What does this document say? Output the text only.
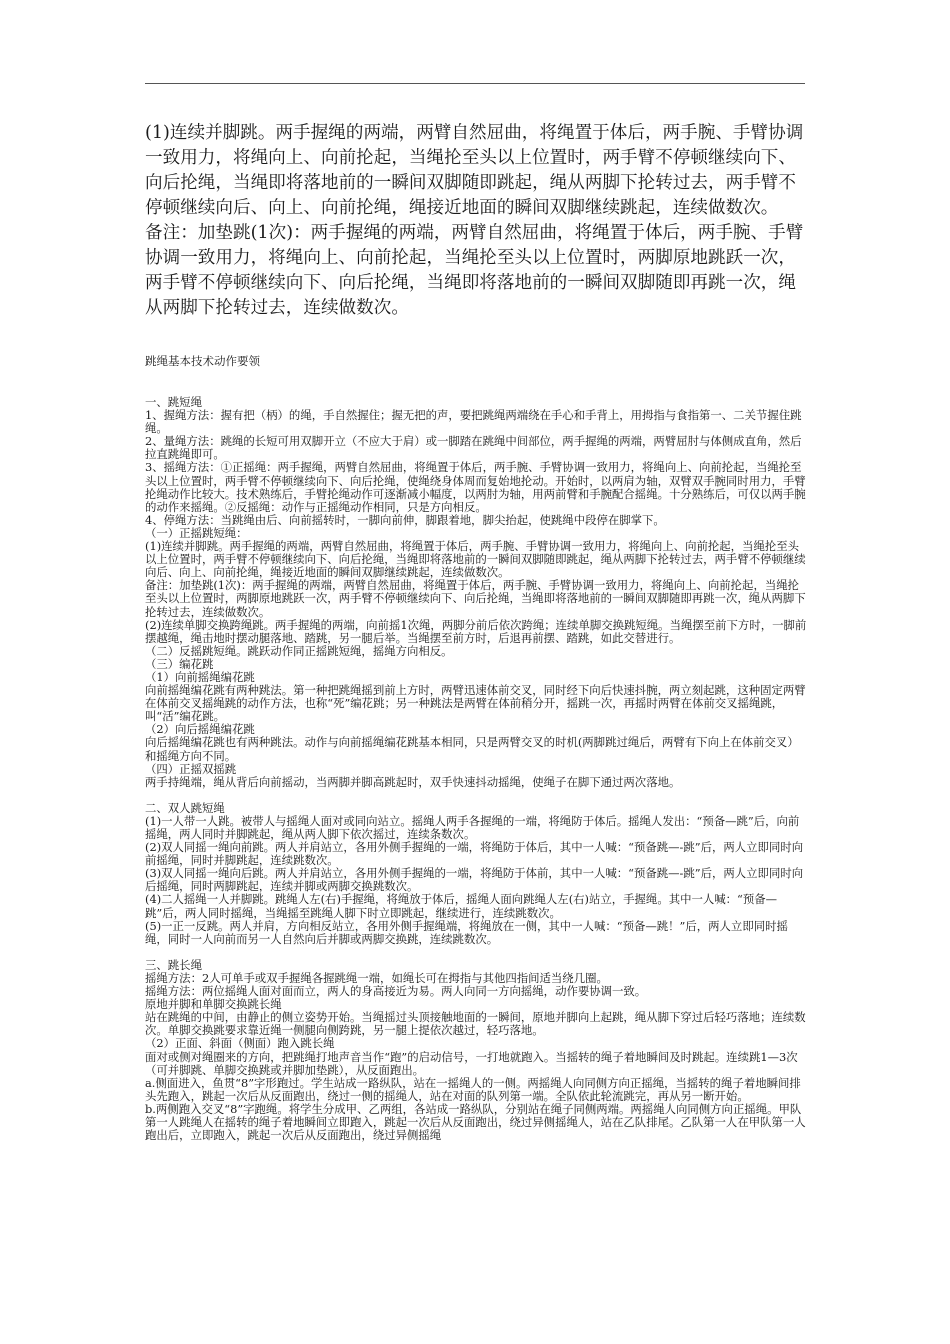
(1)连续并脚跳。两手握绳的两端，两臂自然屈曲，将绳置于体后，两手腕、手臂协调一致用力，将绳向上、向前抡起，当绳抡至头以上位置时，两手臂不停顿继续向下、向后抡绳，当绳即将落地前的一瞬间双脚随即跳起，绳从两脚下抡转过去，两手臂不停顿继续向后、向上、向前抡绳，绳接近地面的瞬间双脚继续跳起，连续做数次。

备注：加垫跳(1次)：两手握绳的两端，两臂自然屈曲，将绳置于体后，两手腕、手臂协调一致用力，将绳向上、向前抡起，当绳抡至头以上位置时，两脚原地跳跃一次，两手臂不停顿继续向下、向后抡绳，当绳即将落地前的一瞬间双脚随即再跳一次，绳从两脚下抡转过去，连续做数次。

跳绳基本技术动作要领

一、跳短绳

1、握绳方法：握有把（柄）的绳，手自然握住；握无把的声，要把跳绳两端绕在手心和手背上，用拇指与食指第一、二关节握住跳绳。

2、量绳方法：跳绳的长短可用双脚开立（不应大于肩）或一脚踏在跳绳中间部位，两手握绳的两端，两臂屈肘与体侧成直角，然后拉直跳绳即可。

3、摇绳方法：①正摇绳：两手握绳，两臂自然屈曲，将绳置于体后，两手腕、手臂协调一致用力，将绳向上、向前抡起，当绳抡至头以上位置时，两手臂不停顿继续向下、向后抡绳，使绳绕身体周而复始地抡动。开始时，以两肩为轴，双臂双手腕同时用力，手臂抡绳动作比较大。技术熟练后，手臂抡绳动作可逐渐减小幅度，以两肘为轴，用两前臂和手腕配合摇绳。十分熟练后，可仅以两手腕的动作来摇绳。②反摇绳：动作与正摇绳动作相同，只是方向相反。

4、停绳方法：当跳绳由后、向前摇转时，一脚向前伸，脚跟着地，脚尖抬起，使跳绳中段停在脚掌下。

（一）正摇跳短绳：

(1)连续并脚跳。两手握绳的两端，两臂自然屈曲，将绳置于体后，两手腕、手臂协调一致用力，将绳向上、向前抡起，当绳抡至头以上位置时，两手臂不停顿继续向下、向后抡绳，当绳即将落地前的一瞬间双脚随即跳起，绳从两脚下抡转过去，两手臂不停顿继续向后、向上、向前抡绳，绳接近地面的瞬间双脚继续跳起，连续做数次。

备注：加垫跳(1次)：两手握绳的两端，两臂自然屈曲，将绳置于体后，两手腕、手臂协调一致用力，将绳向上、向前抡起，当绳抡至头以上位置时，两脚原地跳跃一次，两手臂不停顿继续向下、向后抡绳，当绳即将落地前的一瞬间双脚随即再跳一次，绳从两脚下抡转过去，连续做数次。

(2)连续单脚交换跨绳跳。两手握绳的两端，向前摇1次绳，两脚分前后依次跨绳；连续单脚交换跳短绳。当绳摆至前下方时，一脚前摆越绳，绳击地时摆动腿落地、踏跳，另一腿后举。当绳摆至前方时，后退再前摆、踏跳，如此交替进行。

（二）反摇跳短绳。跳跃动作同正摇跳短绳，摇绳方向相反。

（三）编花跳

（1）向前摇绳编花跳

向前摇绳编花跳有两种跳法。第一种把跳绳摇到前上方时，两臂迅速体前交叉，同时经下向后快速抖腕，两立刻起跳，这种固定两臂在体前交叉摇绳跳的动作方法，也称“死”编花跳；另一种跳法是两臂在体前稍分开，摇跳一次，再摇时两臂在体前交叉摇绳跳，叫“活”编花跳。

（2）向后摇绳编花跳

向后摇绳编花跳也有两种跳法。动作与向前摇绳编花跳基本相同，只是两臂交叉的时机(两脚跳过绳后，两臂有下向上在体前交叉）和摇绳方向不同。

（四）正摇双摇跳

两手持绳端，绳从背后向前摇动，当两脚并脚高跳起时，双手快速抖动摇绳，使绳子在脚下通过两次落地。

二、双人跳短绳

(1)一人带一人跳。被带人与摇绳人面对或同向站立。摇绳人两手各握绳的一端，将绳防于体后。摇绳人发出：“预备—跳”后，向前摇绳，两人同时并脚跳起，绳从两人脚下依次摇过，连续条数次。

(2)双人同摇一绳向前跳。两人并肩站立，各用外侧手握绳的一端，将绳防于体后，其中一人喊：“预备跳—-跳”后，两人立即同时向前摇绳，同时并脚跳起，连续跳数次。

(3)双人同摇一绳向后跳。两人并肩站立，各用外侧手握绳的一端，将绳防于体前，其中一人喊：“预备跳—-跳”后，两人立即同时向后摇绳，同时两脚跳起，连续并脚或两脚交换跳数次。

(4)二人摇绳一人并脚跳。跳绳人左(右)手握绳，将绳放于体后，摇绳人面向跳绳人左(右)站立，手握绳。其中一人喊：“预备—跳”后，两人同时摇绳，当绳摇至跳绳人脚下时立即跳起，继续进行，连续跳数次。

(5)一正一反跳。两人并肩，方向相反站立，各用外侧手握绳端，将绳放在一侧，其中一人喊：“预备—跳！”后，两人立即同时摇绳，同时一人向前而另一人自然向后并脚或两脚交换跳，连续跳数次。

三、跳长绳

摇绳方法：2人可单手或双手握绳各握跳绳一端，如绳长可在拇指与其他四指间适当绕几圈。

摇绳方法：两位摇绳人面对面而立，两人的身高接近为易。两人向同一方向摇绳，动作要协调一致。

原地并脚和单脚交换跳长绳

站在跳绳的中间，由静止的侧立姿势开始。当绳摇过头顶接触地面的一瞬间，原地并脚向上起跳，绳从脚下穿过后轻巧落地；连续数次。单脚交换跳要求靠近绳一侧腿向侧跨跳，另一腿上提依次越过，轻巧落地。

（2）正面、斜面（侧面）跑入跳长绳

面对或侧对绳圈来的方向，把跳绳打地声音当作“跑”的启动信号，一打地就跑入。当摇转的绳子着地瞬间及时跳起。连续跳1—3次（可并脚跳、单脚交换跳或并脚加垫跳），从反面跑出。

a.侧面进入，鱼贯“8”字形跑过。学生站成一路纵队，站在一摇绳人的一侧。两摇绳人向同侧方向正摇绳，当摇转的绳子着地瞬间排头先跑入，跳起一次后从反面跑出，绕过一侧的摇绳人，站在对面的队列第一端。全队依此轮流跳完，再从另一断开始。

b.两侧跑入交叉“8”字跑绳。将学生分成甲、乙两组，各站成一路纵队，分别站在绳子同侧两端。两摇绳人向同侧方向正摇绳。甲队第一人跳绳人在摇转的绳子着地瞬间立即跑入，跳起一次后从反面跑出，绕过异侧摇绳人，站在乙队排尾。乙队第一人在甲队第一人跑出后，立即跑入，跳起一次后从反面跑出，绕过异侧摇绳
